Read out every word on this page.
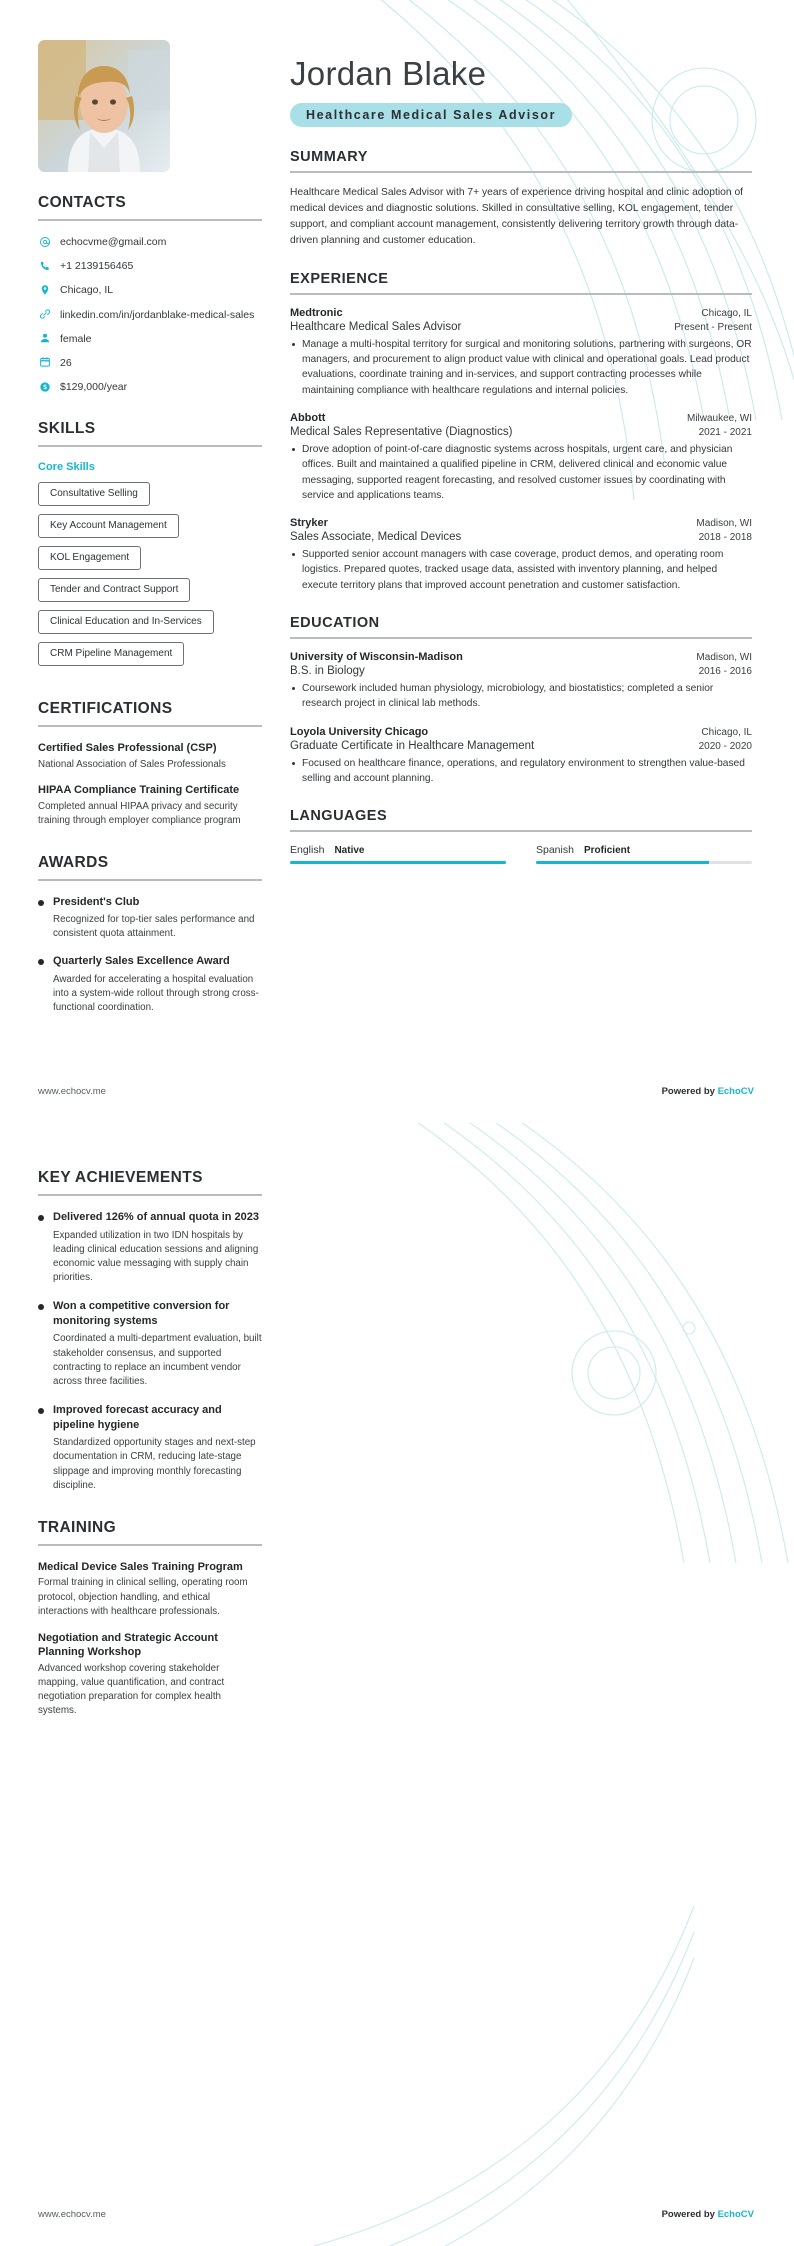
CONTACTS
echocvme@gmail.com
+1 2139156465
Chicago, IL
linkedin.com/in/jordanblake-medical-sales
female
26
$129,000/year
SKILLS
Core Skills
Consultative Selling
Key Account Management
KOL Engagement
Tender and Contract Support
Clinical Education and In-Services
CRM Pipeline Management

CERTIFICATIONS
Certified Sales Professional (CSP)
National Association of Sales Professionals
HIPAA Compliance Training Certificate
Completed annual HIPAA privacy and security training through employer compliance program
AWARDS
President's Club
Recognized for top-tier sales performance and consistent quota attainment.
Quarterly Sales Excellence Award
Awarded for accelerating a hospital evaluation into a system-wide rollout through strong cross-functional coordination.
Jordan Blake
Healthcare Medical Sales Advisor
SUMMARY
Healthcare Medical Sales Advisor with 7+ years of experience driving hospital and clinic adoption of medical devices and diagnostic solutions. Skilled in consultative selling, KOL engagement, tender support, and compliant account management, consistently delivering territory growth through data-driven planning and customer education.
EXPERIENCE
Medtronic	Chicago, IL
Healthcare Medical Sales Advisor	Present - Present
Manage a multi-hospital territory for surgical and monitoring solutions, partnering with surgeons, OR managers, and procurement to align product value with clinical and operational goals. Lead product evaluations, coordinate training and in-services, and support contracting processes while maintaining compliance with healthcare regulations and internal policies.
Abbott	Milwaukee, WI
Medical Sales Representative (Diagnostics)	2021 - 2021
Drove adoption of point-of-care diagnostic systems across hospitals, urgent care, and physician offices. Built and maintained a qualified pipeline in CRM, delivered clinical and economic value messaging, supported reagent forecasting, and resolved customer issues by coordinating with service and applications teams.
Stryker	Madison, WI
Sales Associate, Medical Devices	2018 - 2018
Supported senior account managers with case coverage, product demos, and operating room logistics. Prepared quotes, tracked usage data, assisted with inventory planning, and helped execute territory plans that improved account penetration and customer satisfaction.
EDUCATION
University of Wisconsin-Madison	Madison, WI
B.S. in Biology	2016 - 2016
Coursework included human physiology, microbiology, and biostatistics; completed a senior research project in clinical lab methods.
Loyola University Chicago	Chicago, IL
Graduate Certificate in Healthcare Management	2020 - 2020
Focused on healthcare finance, operations, and regulatory environment to strengthen value-based selling and account planning.
LANGUAGES
English Native	Spanish Proficient
www.echocv.me	Powered by EchoCV
KEY ACHIEVEMENTS
Delivered 126% of annual quota in 2023
Expanded utilization in two IDN hospitals by leading clinical education sessions and aligning economic value messaging with supply chain priorities.
Won a competitive conversion for monitoring systems
Coordinated a multi-department evaluation, built stakeholder consensus, and supported contracting to replace an incumbent vendor across three facilities.
Improved forecast accuracy and pipeline hygiene
Standardized opportunity stages and next-step documentation in CRM, reducing late-stage slippage and improving monthly forecasting discipline.
TRAINING
Medical Device Sales Training Program
Formal training in clinical selling, operating room protocol, objection handling, and ethical interactions with healthcare professionals.
Negotiation and Strategic Account Planning Workshop
Advanced workshop covering stakeholder mapping, value quantification, and contract negotiation preparation for complex health systems.
www.echocv.me	Powered by EchoCV
